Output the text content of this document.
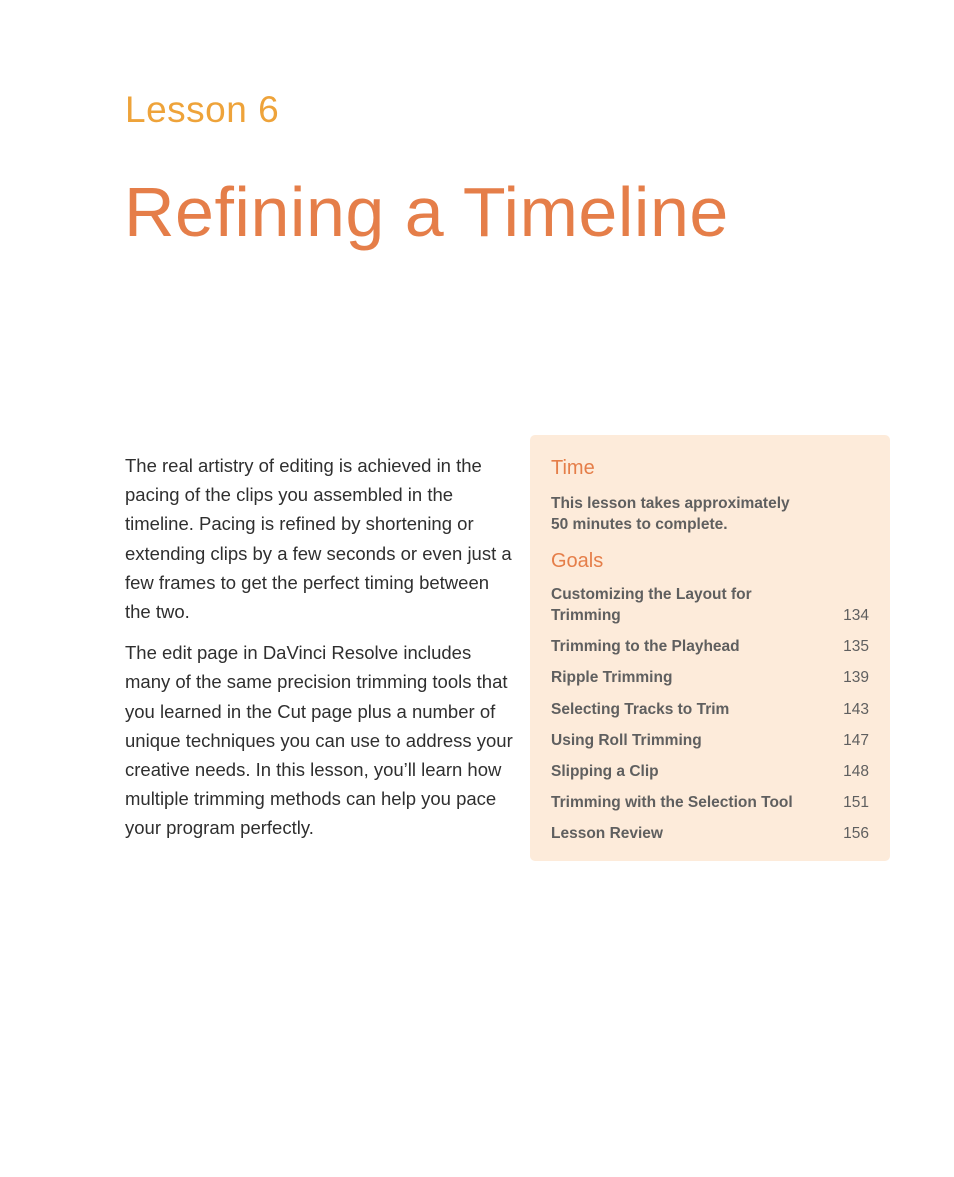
Lesson 6
Refining a Timeline

The real artistry of editing is achieved in the pacing of the clips you assembled in the timeline. Pacing is refined by shortening or extending clips by a few seconds or even just a few frames to get the perfect timing between the two.

The edit page in DaVinci Resolve includes many of the same precision trimming tools that you learned in the Cut page plus a number of unique techniques you can use to address your creative needs. In this lesson, you’ll learn how multiple trimming methods can help you pace your program perfectly.

Time
This lesson takes approximately 50 minutes to complete.
Goals
Customizing the Layout for Trimming	134
Trimming to the Playhead	135
Ripple Trimming	139
Selecting Tracks to Trim	143
Using Roll Trimming	147
Slipping a Clip	148
Trimming with the Selection Tool	151
Lesson Review	156
